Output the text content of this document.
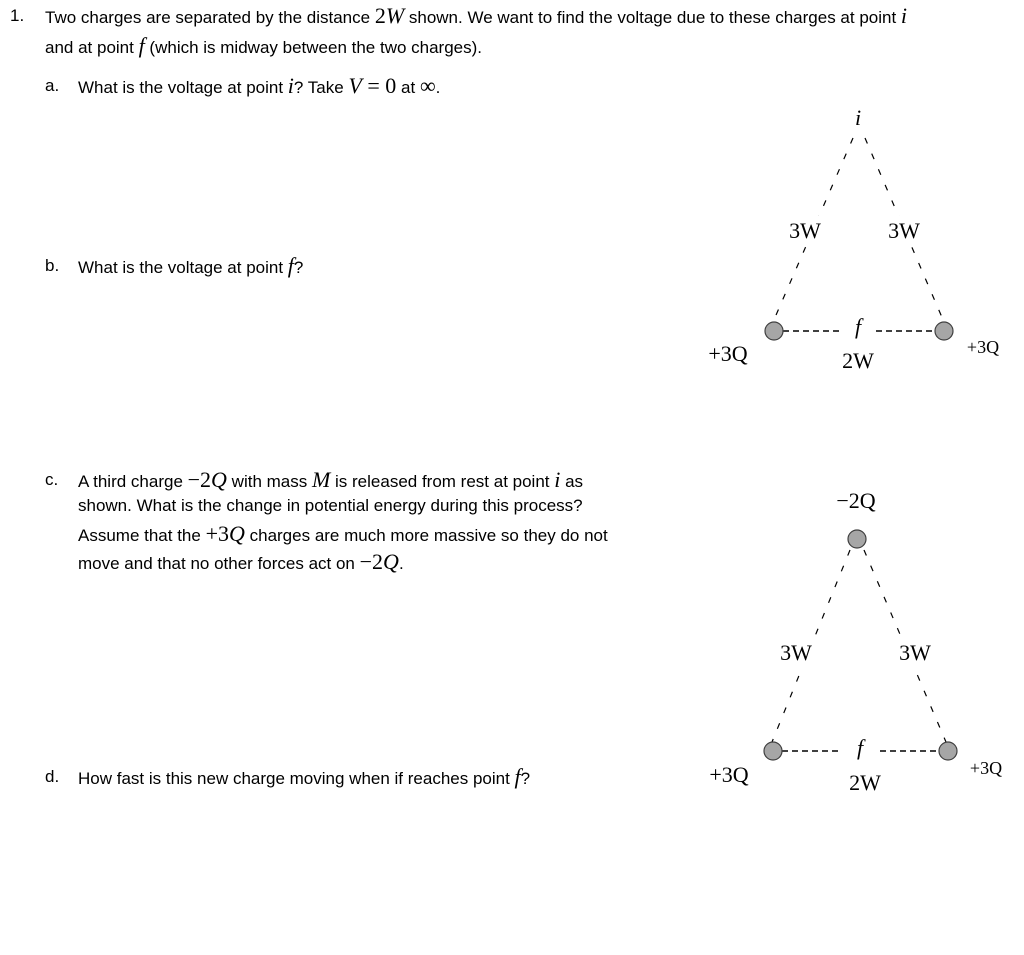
1. Two charges are separated by the distance 2W shown. We want to find the voltage due to these charges at point i
and at point f (which is midway between the two charges).
a. What is the voltage at point i? Take V = 0 at ∞.
b. What is the voltage at point f?
c. A third charge −2Q with mass M is released from rest at point i as
shown. What is the change in potential energy during this process?
Assume that the +3Q charges are much more massive so they do not
move and that no other forces act on −2Q.
d. How fast is this new charge moving when if reaches point f?
i
3W	3W
f
2W
+3Q	+3Q
−2Q
3W	3W
f
2W
+3Q	+3Q
